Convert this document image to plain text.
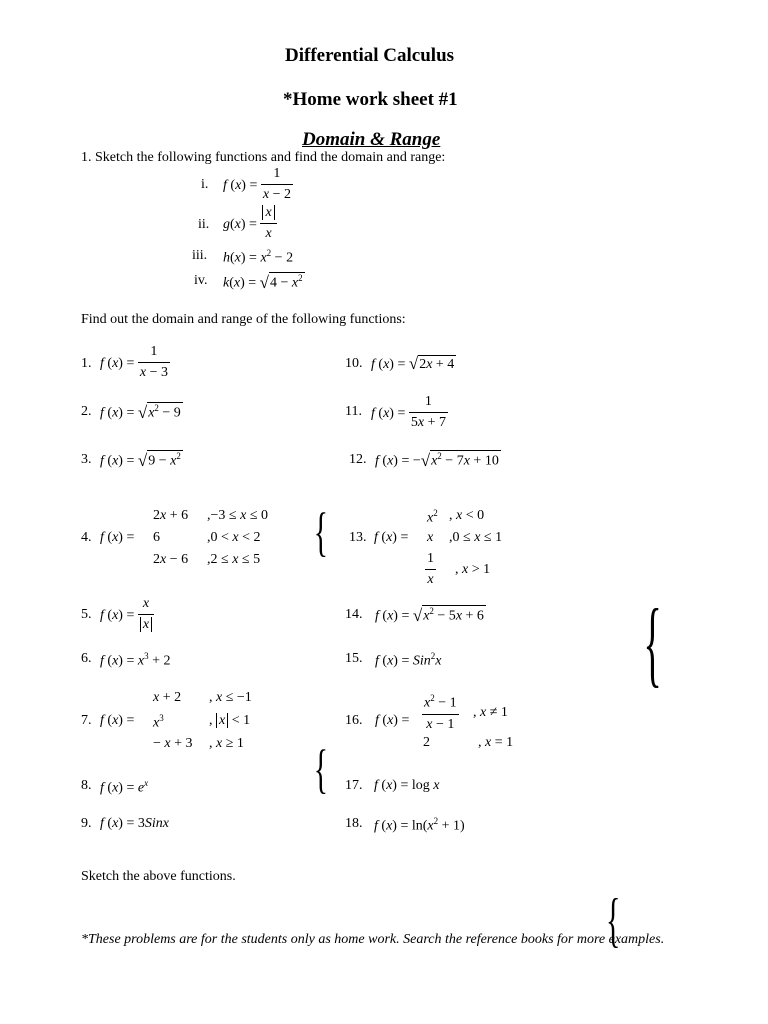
Differential Calculus
*Home work sheet #1
Domain & Range
1. Sketch the following functions and find the domain and range:
i. f $(x) = \frac{1}{x - 2}$
ii. $g(x) = \frac{x}{x}$
iii. $h(x) = x^2 - 2$
iv. $k(x) = √4 - x^2$
Find out the domain and range of the following functions:
1. f $(x) = \frac{1}{x - 3}$
2. f $(x) = √x^2 - 9$
3. f $(x) = √9 - x^2$
4. f (x) =	{
2x + 6 ,−3 ≤ x ≤ 0
6	,0 < x < 2
2x − 6 ,2 ≤ x ≤ 5
5. f $(x) = \frac{x}{x}$
6. f $(x) = x^3 + 2$
7. f (x) =
{
x + 2 , x ≤ −1
$x^3$	, x < 1
− x + 3 , x ≥ 1
8. f $(x) = e^x$
9. f (x) = 3Sinx
10. f (x) = √2x + 4
11. f $(x) = \frac{1}{5x + 7}$
12. f $(x) = -√x^2 - 7x + 10$
13. f (x) =
{
$x^2$ , x < 0
x ,0 ≤ x ≤ 1
$\frac{1}{x}$ , x > 1
14. f $(x) = √x^2 - 5x + 6$
15. f (x) = Sin$^2$x
16. f (x) =
{
$\frac{x^2 - 1}{x - 1}$ , x ≠ 1
2	, x = 1
17. f (x) = log x
18. f $(x) = \ln(x^2 + 1)$
Sketch the above functions.
*These problems are for the students only as home work. Search the reference books for more examples.
